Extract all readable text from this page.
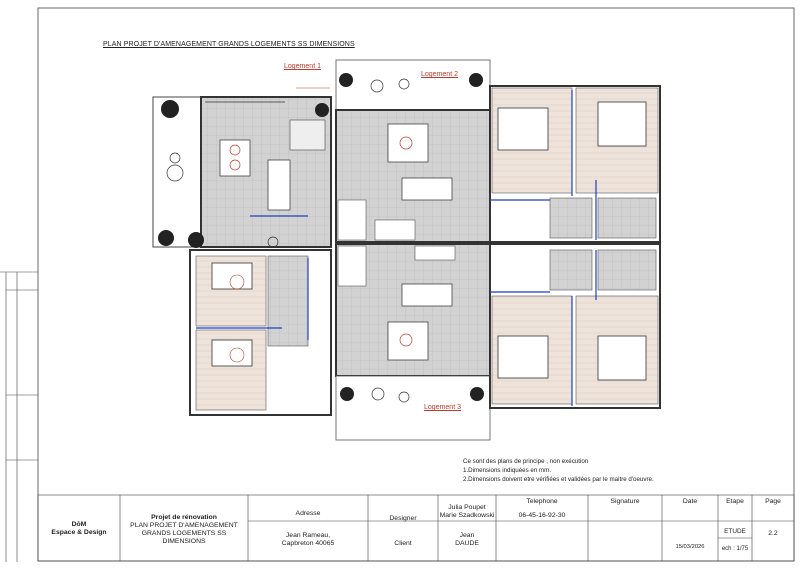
PLAN PROJET D'AMENAGEMENT GRANDS LOGEMENTS SS DIMENSIONS
Logement 1
Logement 2
Logement 3
Ce sont des plans de principe , non exécution
1.Dimensions indiquées en mm.
2.Dimensions doivent etre vérifiées et validées par le maitre d'oeuvre.
DōM
Espace & Design
Projet de rénovation
PLAN PROJET D'AMENAGEMENT
GRANDS LOGEMENTS SS
DIMENSIONS
Adresse
Jean Rameau,
Capbreton 40065
Designer
Client
Julia Poupet
Marie Szadkowski
Jean
DAUDE
Telephone
06-45-16-92-30
Signature	Date
15/03/2026
Etape
ETUDE
ech : 1/75
Page
2.2
